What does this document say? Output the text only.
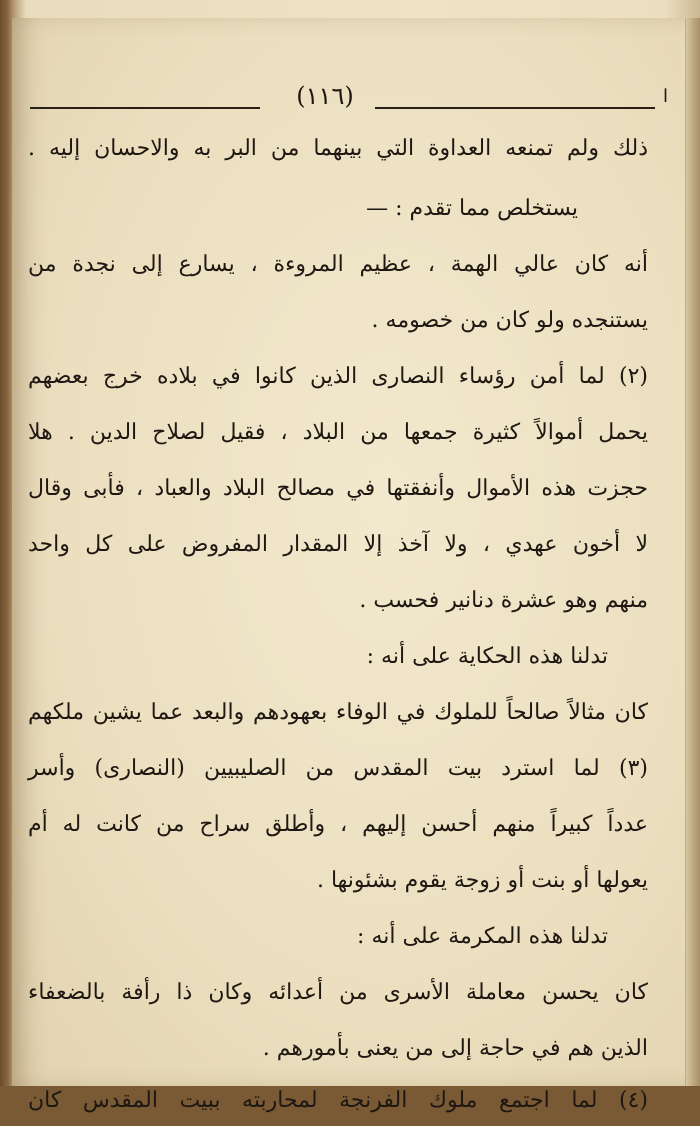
(١١٦)	ا
ذلك ولم تمنعه العداوة التي بينهما من البر به والاحسان إليه .
يستخلص مما تقدم : —
أنه كان عالي الهمة ، عظيم المروءة ، يسارع إلى نجدة من
يستنجده ولو كان من خصومه .
(٢) لما أمن رؤساء النصارى الذين كانوا في بلاده خرج بعضهم
يحمل أموالاً كثيرة جمعها من البلاد ، فقيل لصلاح الدين . هلا
حجزت هذه الأموال وأنفقتها في مصالح البلاد والعباد ، فأبى وقال
لا أخون عهدي ، ولا آخذ إلا المقدار المفروض على كل واحد
منهم وهو عشرة دنانير فحسب .
تدلنا هذه الحكاية على أنه :
كان مثالاً صالحاً للملوك في الوفاء بعهودهم والبعد عما يشين ملكهم
(٣) لما استرد بيت المقدس من الصليبيين (النصارى) وأسر
عدداً كبيراً منهم أحسن إليهم ، وأطلق سراح من كانت له أم
يعولها أو بنت أو زوجة يقوم بشئونها .
تدلنا هذه المكرمة على أنه :
كان يحسن معاملة الأسرى من أعدائه وكان ذا رأفة بالضعفاء
الذين هم في حاجة إلى من يعنى بأمورهم .
(٤) لما اجتمع ملوك الفرنجة لمحاربته ببيت المقدس كان
